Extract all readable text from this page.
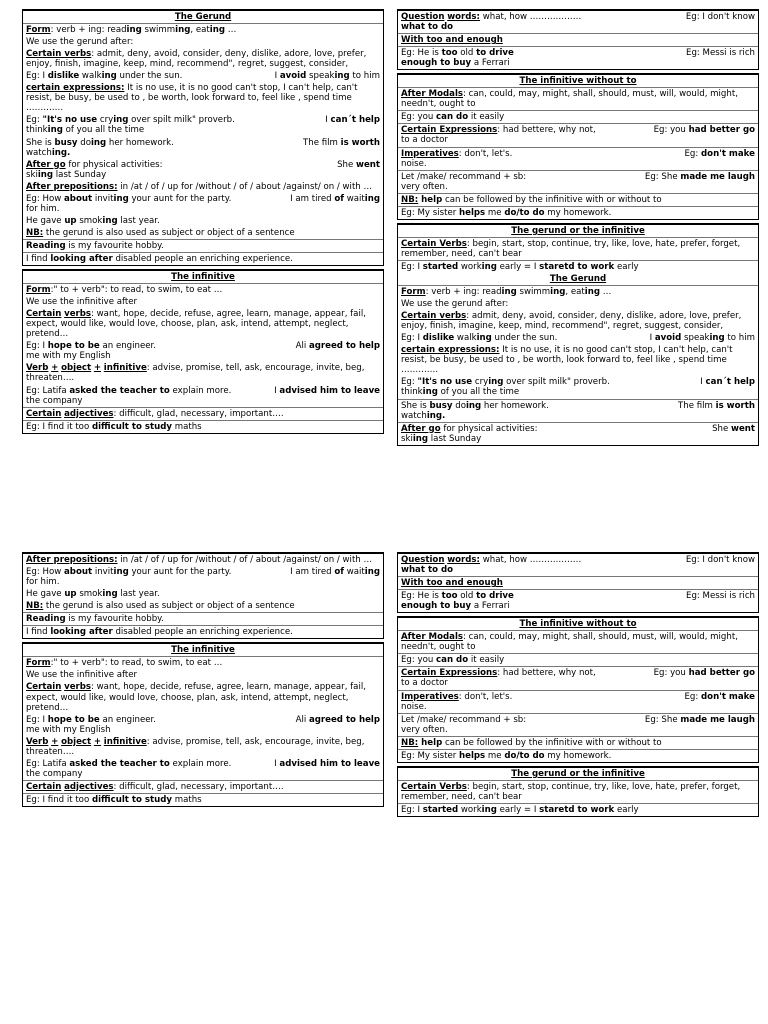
The Gerund
Form: verb + ing: reading swimming, eating …
We use the gerund after:
Certain verbs: admit, deny, avoid, consider, deny, dislike, adore, love, prefer, enjoy, finish, imagine, keep, mind, recommend", regret, suggest, consider,
I avoid speaking to him
Eg: I dislike walking under the sun.
certain expressions: It is no use, it is no good can't stop, I can't help, can't resist, be busy, be used to , be worth, look forward to, feel like , spend time ………….
I can´t help
Eg: "It's no use crying over spilt milk" proverb.
thinking of you all the time
The film is worth
She is busy doing her homework.
watching.
She went
After go for physical activities:
skiing last Sunday
After prepositions: in /at / of / up for /without / of / about /against/ on / with …
I am tired of waiting
Eg: How about inviting your aunt for the party.
for him.
He gave up smoking last year.
NB: the gerund is also used as subject or object of a sentence
Reading is my favourite hobby.
I find looking after disabled people an enriching experience.
The infinitive
Form:" to + verb": to read, to swim, to eat …
We use the infinitive after
Certain verbs: want, hope, decide, refuse, agree, learn, manage, appear, fail, expect, would like, would love, choose, plan, ask, intend, attempt, neglect, pretend…
Ali agreed to help
Eg: I hope to be an engineer.
me with my English
Verb + object + infinitive: advise, promise, tell, ask, encourage, invite, beg, threaten….
I advised him to leave
Eg: Latifa asked the teacher to explain more.
the company
Certain adjectives: difficult, glad, necessary, important….
Eg: I find it too difficult to study maths
Eg: I don't know
Question words: what, how ………………
what to do
With too and enough
Eg: Messi is rich
Eg: He is too old to drive
enough to buy a Ferrari
The infinitive without to
After Modals: can, could, may, might, shall, should, must, will, would, might, needn't, ought to
Eg: you can do it easily
Eg: you had better go
Certain Expressions: had bettere, why not,
to a doctor
Eg: don't make
Imperatives: don't, let's.
noise.
Eg: She made me laugh
Let /make/ recommand + sb:
very often.
NB: help can be followed by the infinitive with or without to
Eg: My sister helps me do/to do my homework.
The gerund or the infinitive
Certain Verbs: begin, start, stop, continue, try, like, love, hate, prefer, forget, remember, need, can't bear
Eg: I started working early = I staretd to work early
The Gerund
Form: verb + ing: reading swimming, eating …
We use the gerund after:
Certain verbs: admit, deny, avoid, consider, deny, dislike, adore, love, prefer, enjoy, finish, imagine, keep, mind, recommend", regret, suggest, consider,
I avoid speaking to him
Eg: I dislike walking under the sun.
certain expressions: It is no use, it is no good can't stop, I can't help, can't resist, be busy, be used to , be worth, look forward to, feel like , spend time ………….
I can´t help
Eg: "It's no use crying over spilt milk" proverb.
thinking of you all the time
The film is worth
She is busy doing her homework.
watching.
She went
After go for physical activities:
skiing last Sunday
After prepositions: in /at / of / up for /without / of / about /against/ on / with …
I am tired of waiting
Eg: How about inviting your aunt for the party.
for him.
He gave up smoking last year.
NB: the gerund is also used as subject or object of a sentence
Reading is my favourite hobby.
I find looking after disabled people an enriching experience.
The infinitive
Form:" to + verb": to read, to swim, to eat …
We use the infinitive after
Certain verbs: want, hope, decide, refuse, agree, learn, manage, appear, fail, expect, would like, would love, choose, plan, ask, intend, attempt, neglect, pretend…
Ali agreed to help
Eg: I hope to be an engineer.
me with my English
Verb + object + infinitive: advise, promise, tell, ask, encourage, invite, beg, threaten….
I advised him to leave
Eg: Latifa asked the teacher to explain more.
the company
Certain adjectives: difficult, glad, necessary, important….
Eg: I find it too difficult to study maths
Eg: I don't know
Question words: what, how ………………
what to do
With too and enough
Eg: Messi is rich
Eg: He is too old to drive
enough to buy a Ferrari
The infinitive without to
After Modals: can, could, may, might, shall, should, must, will, would, might, needn't, ought to
Eg: you can do it easily
Eg: you had better go
Certain Expressions: had bettere, why not,
to a doctor
Eg: don't make
Imperatives: don't, let's.
noise.
Eg: She made me laugh
Let /make/ recommand + sb:
very often.
NB: help can be followed by the infinitive with or without to
Eg: My sister helps me do/to do my homework.
The gerund or the infinitive
Certain Verbs: begin, start, stop, continue, try, like, love, hate, prefer, forget, remember, need, can't bear
Eg: I started working early = I staretd to work early
